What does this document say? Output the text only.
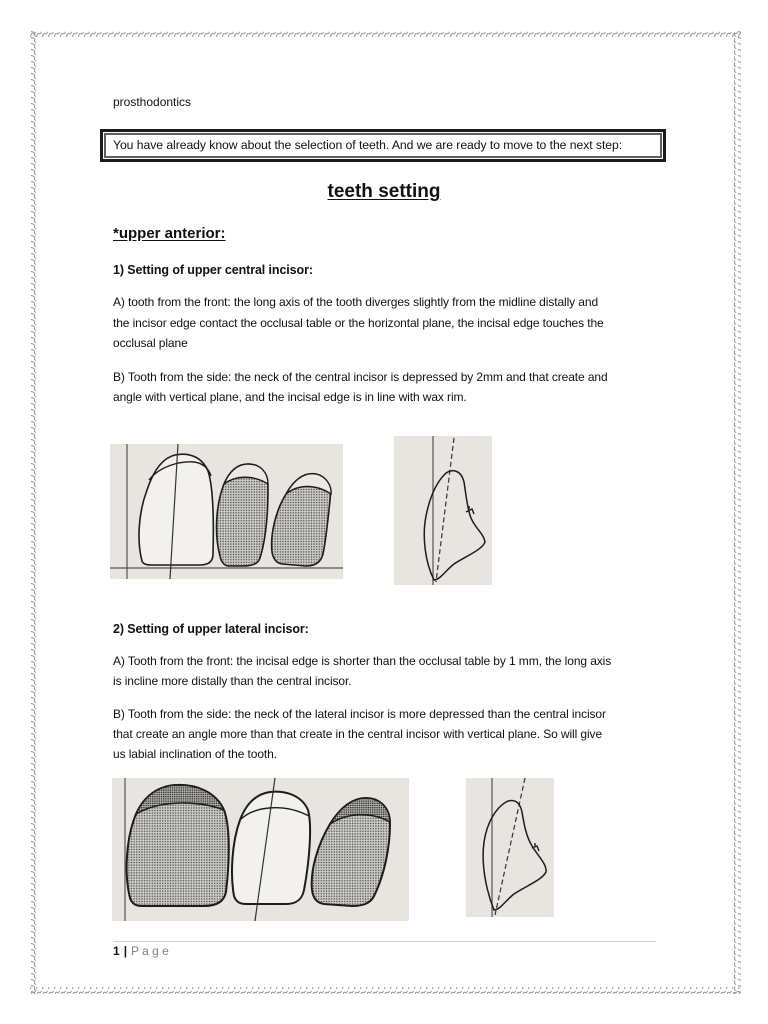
prosthodontics
You have already know about the selection of teeth. And we are ready to move to the next step:
teeth setting
*upper anterior:
1) Setting of upper central incisor:
A) tooth from the front: the long axis of the tooth diverges slightly from the midline distally and
the incisor edge contact the occlusal table or the horizontal plane, the incisal edge touches the
occlusal plane
B) Tooth from the side: the neck of the central incisor is depressed by 2mm and that create and
angle with vertical plane, and the incisal edge is in line with wax rim.
2) Setting of upper lateral incisor:
A) Tooth from the front: the incisal edge is shorter than the occlusal table by 1 mm, the long axis
is incline more distally than the central incisor.
B) Tooth from the side: the neck of the lateral incisor is more depressed than the central incisor
that create an angle more than that create in the central incisor with vertical plane. So will give
us labial inclination of the tooth.
1 | P a g e
